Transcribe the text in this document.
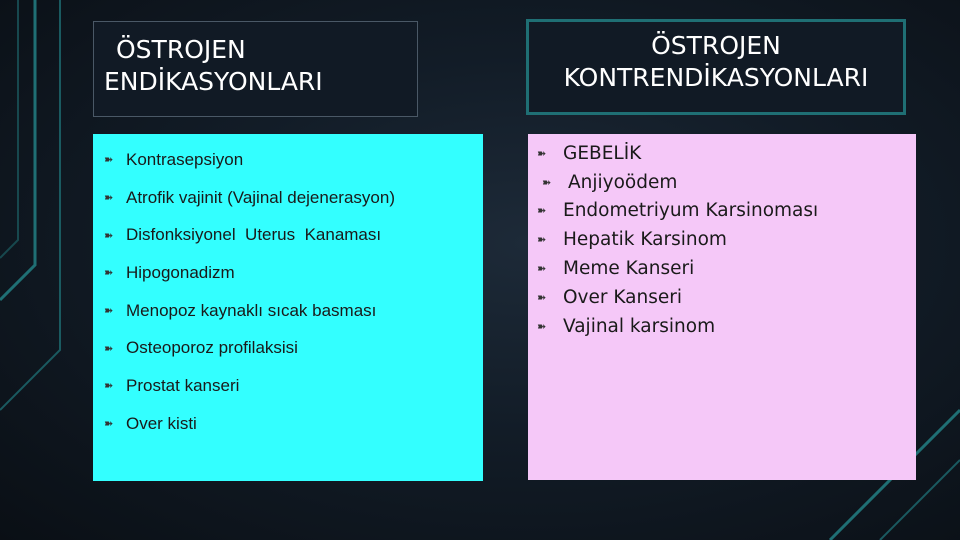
ÖSTROJEN
ENDİKASYONLARI
ÖSTROJEN
KONTRENDİKASYONLARI
➽ Kontrasepsiyon
➽ Atrofik vajinit (Vajinal dejenerasyon)
➽ Disfonksiyonel  Uterus  Kanaması
➽ Hipogonadizm
➽ Menopoz kaynaklı sıcak basması
➽ Osteoporoz profilaksisi
➽ Prostat kanseri
➽ Over kisti
➽	GEBELİK
➽	Anjiyoödem
➽	Endometriyum Karsinoması
➽	Hepatik Karsinom
➽	Meme Kanseri
➽	Over Kanseri
➽	Vajinal karsinom
